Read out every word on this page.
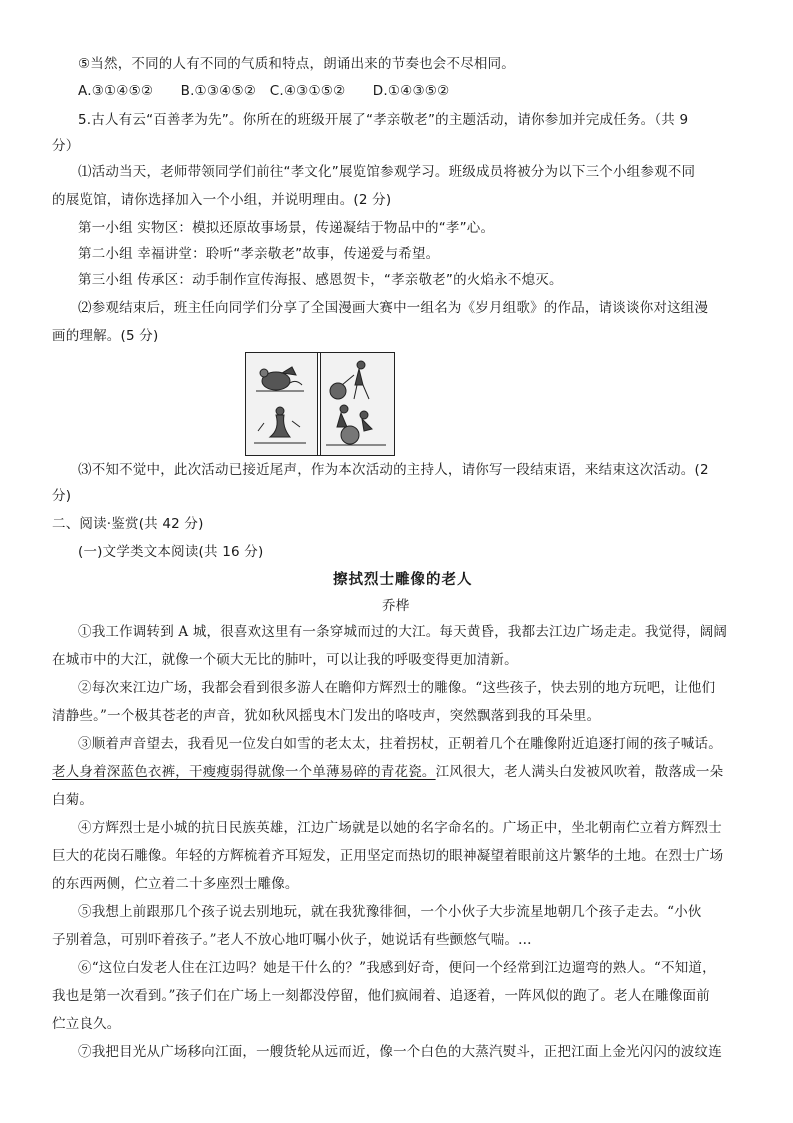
⑤当然，不同的人有不同的气质和特点，朗诵出来的节奏也会不尽相同。
A.③①④⑤②　　B.①③④⑤②　C.④③①⑤②　　D.①④③⑤②
5.古人有云“百善孝为先”。你所在的班级开展了“孝亲敬老”的主题活动，请你参加并完成任务。（共 9
分）
⑴活动当天，老师带领同学们前往“孝文化”展览馆参观学习。班级成员将被分为以下三个小组参观不同
的展览馆，请你选择加入一个小组，并说明理由。(2 分)
第一小组 实物区：模拟还原故事场景，传递凝结于物品中的“孝”心。
第二小组 幸福讲堂：聆听“孝亲敬老”故事，传递爱与希望。
第三小组 传承区：动手制作宣传海报、感恩贺卡，“孝亲敬老”的火焰永不熄灭。
⑵参观结束后，班主任向同学们分享了全国漫画大赛中一组名为《岁月组歌》的作品，请谈谈你对这组漫
画的理解。(5 分)
⑶不知不觉中，此次活动已接近尾声，作为本次活动的主持人，请你写一段结束语，来结束这次活动。(2
分)
二、阅读·鉴赏(共 42 分)
(一)文学类文本阅读(共 16 分)
擦拭烈士雕像的老人
乔桦
①我工作调转到 A 城，很喜欢这里有一条穿城而过的大江。每天黄昏，我都去江边广场走走。我觉得，阔阔
在城市中的大江，就像一个硕大无比的肺叶，可以让我的呼吸变得更加清新。
②每次来江边广场，我都会看到很多游人在瞻仰方辉烈士的雕像。“这些孩子，快去别的地方玩吧，让他们
清静些。”一个极其苍老的声音，犹如秋风摇曳木门发出的咯吱声，突然飘落到我的耳朵里。
③顺着声音望去，我看见一位发白如雪的老太太，拄着拐杖，正朝着几个在雕像附近追逐打闹的孩子喊话。
老人身着深蓝色衣裤，干瘦瘦弱得就像一个单薄易碎的青花瓷。江风很大，老人满头白发被风吹着，散落成一朵
白菊。
④方辉烈士是小城的抗日民族英雄，江边广场就是以她的名字命名的。广场正中，坐北朝南伫立着方辉烈士
巨大的花岗石雕像。年轻的方辉梳着齐耳短发，正用坚定而热切的眼神凝望着眼前这片繁华的土地。在烈士广场
的东西两侧，伫立着二十多座烈士雕像。
⑤我想上前跟那几个孩子说去别地玩，就在我犹豫徘徊，一个小伙子大步流星地朝几个孩子走去。“小伙
子别着急，可别吓着孩子。”老人不放心地叮嘱小伙子，她说话有些颤悠气喘。...
⑥“这位白发老人住在江边吗？她是干什么的？”我感到好奇，便问一个经常到江边遛弯的熟人。“不知道，
我也是第一次看到。”孩子们在广场上一刻都没停留，他们疯闹着、追逐着，一阵风似的跑了。老人在雕像面前
伫立良久。
⑦我把目光从广场移向江面，一艘货轮从远而近，像一个白色的大蒸汽熨斗，正把江面上金光闪闪的波纹连
